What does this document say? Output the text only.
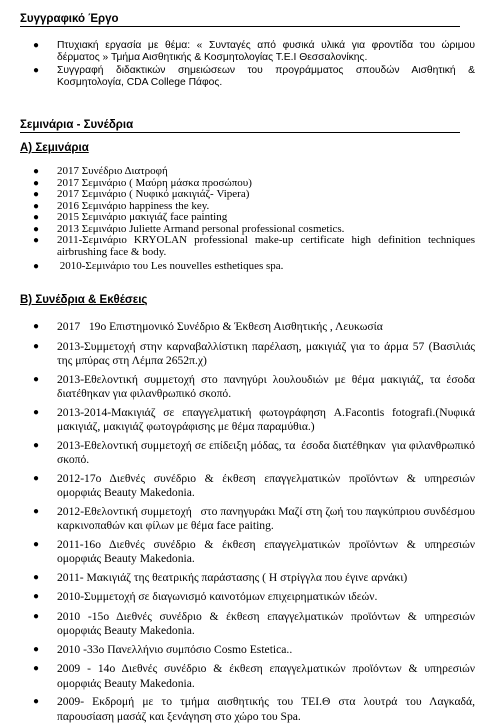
Συγγραφικό Έργο
● Πτυχιακή εργασία με θέμα: « Συνταγές από φυσικά υλικά για φροντίδα του ώριμου δέρματος » Τμήμα Αισθητικής & Κοσμητολογίας Τ.Ε.Ι Θεσσαλονίκης.
● Συγγραφή διδακτικών σημειώσεων του προγράμματος σπουδών Αισθητική & Κοσμητολογία, CDA College Πάφος.
Σεμινάρια - Συνέδρια
Α) Σεμινάρια
● 2017 Συνέδριο Διατροφή
● 2017 Σεμινάριο ( Μαύρη μάσκα προσώπου)
● 2017 Σεμινάριο ( Νυφικό μακιγιάζ- Vipera)
● 2016 Σεμινάριο happiness the key.
● 2015 Σεμινάριο μακιγιάζ face painting
● 2013 Σεμινάριο Juliette Armand personal professional cosmetics.
● 2011-Σεμινάριο KRYOLAN professional make-up certificate high definition techniques airbrushing face & body.
● 2010-Σεμινάριο του Les nouvelles esthetiques spa.
Β) Συνέδρια & Εκθέσεις
● 2017   19ο Επιστημονικό Συνέδριο & Έκθεση Αισθητικής , Λευκωσία
● 2013-Συμμετοχή στην καρναβαλλίστικη παρέλαση, μακιγιάζ για το άρμα 57 (Βασιλιάς της μπύρας στη Λέμπα 2652π.χ)
● 2013-Εθελοντική συμμετοχή στο πανηγύρι λουλουδιών με θέμα μακιγιάζ, τα έσοδα διατέθηκαν για φιλανθρωπικό σκοπό.
● 2013-2014-Μακιγιάζ σε επαγγελματική φωτογράφηση A.Facontis fotografi.(Νυφικά μακιγιάζ, μακιγιάζ φωτογράφισης με θέμα παραμύθια.)
● 2013-Εθελοντική συμμετοχή σε επίδειξη μόδας, τα  έσοδα διατέθηκαν  για φιλανθρωπικό σκοπό.
● 2012-17ο Διεθνές συνέδριο & έκθεση επαγγελματικών προϊόντων & υπηρεσιών ομορφιάς Beauty Makedonia.
● 2012-Εθελοντική συμμετοχή   στο πανηγυράκι Μαζί στη ζωή του παγκύπριου συνδέσμου καρκινοπαθών και φίλων με θέμα face paiting.
● 2011-16ο Διεθνές συνέδριο & έκθεση επαγγελματικών προϊόντων & υπηρεσιών ομορφιάς Beauty Makedonia.
● 2011- Μακιγιάζ της θεατρικής παράστασης ( Η στρίγγλα που έγινε αρνάκι)
● 2010-Συμμετοχή σε διαγωνισμό καινοτόμων επιχειρηματικών ιδεών.
● 2010 -15ο Διεθνές συνέδριο & έκθεση επαγγελματικών προϊόντων & υπηρεσιών ομορφιάς Beauty Makedonia.
● 2010 -33ο Πανελλήνιο συμπόσιο Cosmo Estetica..
● 2009 - 14ο Διεθνές συνέδριο & έκθεση επαγγελματικών προϊόντων & υπηρεσιών ομορφιάς Beauty Makedonia.
● 2009- Εκδρομή με το τμήμα αισθητικής του ΤΕΙ.Θ στα λουτρά του Λαγκαδά, παρουσίαση μασάζ και ξενάγηση στο χώρο του Spa.
